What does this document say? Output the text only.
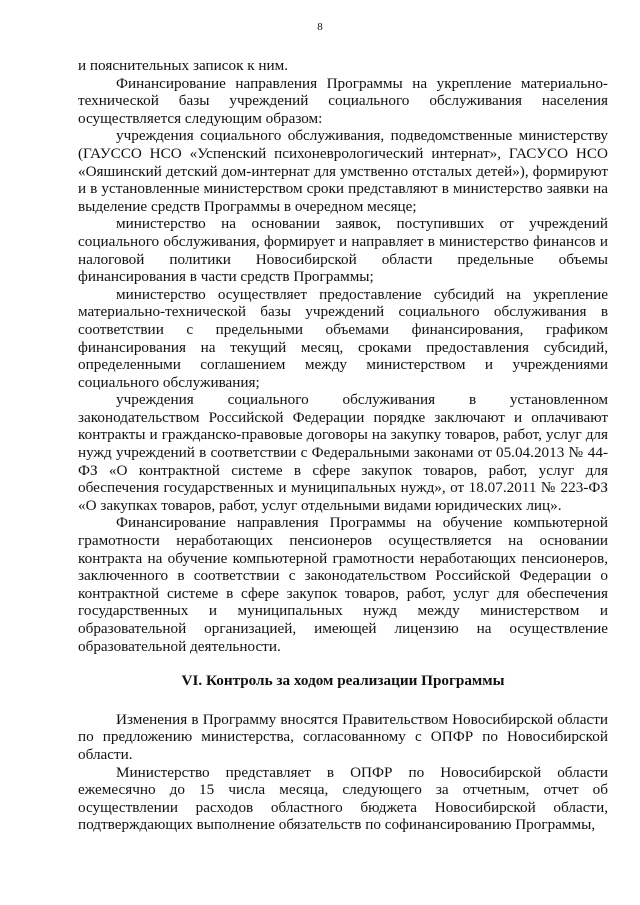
8

и пояснительных записок к ним.

Финансирование направления Программы на укрепление материально-технической базы учреждений социального обслуживания населения осуществляется следующим образом:

учреждения социального обслуживания, подведомственные министерству (ГАУССО НСО «Успенский психоневрологический интернат», ГАСУСО НСО «Ояшинский детский дом-интернат для умственно отсталых детей»), формируют и в установленные министерством сроки представляют в министерство заявки на выделение средств Программы в очередном месяце;

министерство на основании заявок, поступивших от учреждений социального обслуживания, формирует и направляет в министерство финансов и налоговой политики Новосибирской области предельные объемы финансирования в части средств Программы;

министерство осуществляет предоставление субсидий на укрепление материально-технической базы учреждений социального обслуживания в соответствии с предельными объемами финансирования, графиком финансирования на текущий месяц, сроками предоставления субсидий, определенными соглашением между министерством и учреждениями социального обслуживания;

учреждения социального обслуживания в установленном законодательством Российской Федерации порядке заключают и оплачивают контракты и гражданско-правовые договоры на закупку товаров, работ, услуг для нужд учреждений в соответствии с Федеральными законами от 05.04.2013 № 44-ФЗ «О контрактной системе в сфере закупок товаров, работ, услуг для обеспечения государственных и муниципальных нужд», от 18.07.2011 № 223-ФЗ «О закупках товаров, работ, услуг отдельными видами юридических лиц».

Финансирование направления Программы на обучение компьютерной грамотности неработающих пенсионеров осуществляется на основании контракта на обучение компьютерной грамотности неработающих пенсионеров, заключенного в соответствии с законодательством Российской Федерации о контрактной системе в сфере закупок товаров, работ, услуг для обеспечения государственных и муниципальных нужд между министерством и образовательной организацией, имеющей лицензию на осуществление образовательной деятельности.

VI. Контроль за ходом реализации Программы

Изменения в Программу вносятся Правительством Новосибирской области по предложению министерства, согласованному с ОПФР по Новосибирской области.

Министерство представляет в ОПФР по Новосибирской области ежемесячно до 15 числа месяца, следующего за отчетным, отчет об осуществлении расходов областного бюджета Новосибирской области, подтверждающих выполнение обязательств по софинансированию Программы,
